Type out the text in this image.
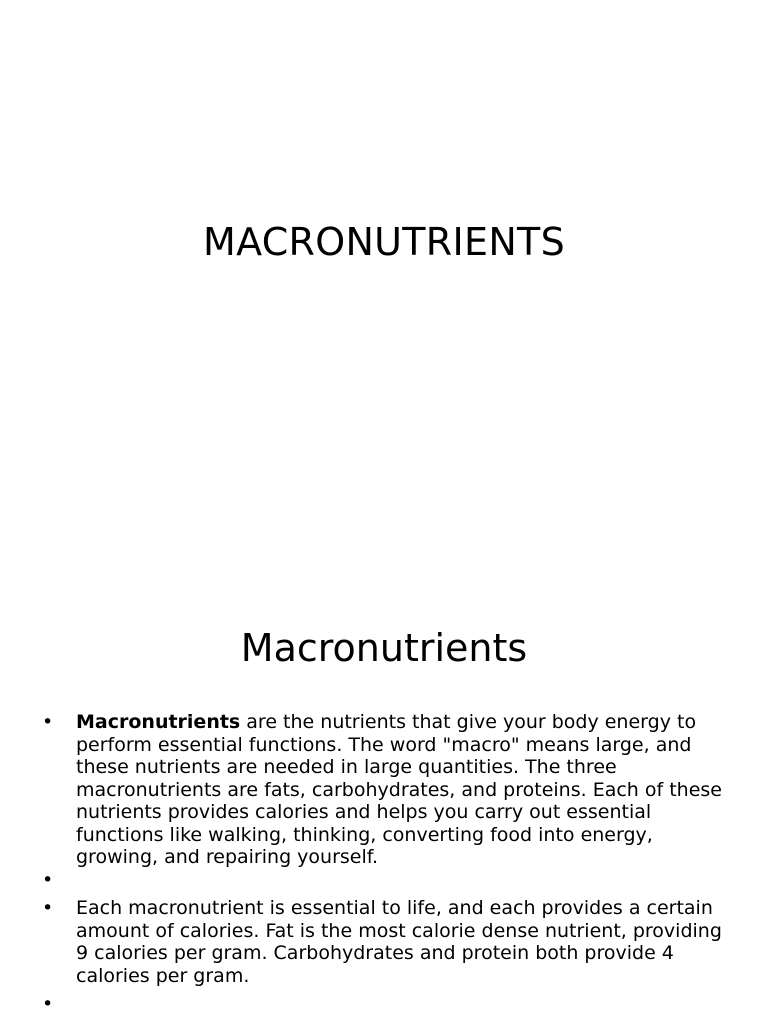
MACRONUTRIENTS
Macronutrients
• Macronutrients are the nutrients that give your body energy to perform essential functions. The word "macro" means large, and these nutrients are needed in large quantities. The three macronutrients are fats, carbohydrates, and proteins. Each of these nutrients provides calories and helps you carry out essential functions like walking, thinking, converting food into energy, growing, and repairing yourself.
•
• Each macronutrient is essential to life, and each provides a certain amount of calories. Fat is the most calorie dense nutrient, providing 9 calories per gram. Carbohydrates and protein both provide 4 calories per gram.
•
